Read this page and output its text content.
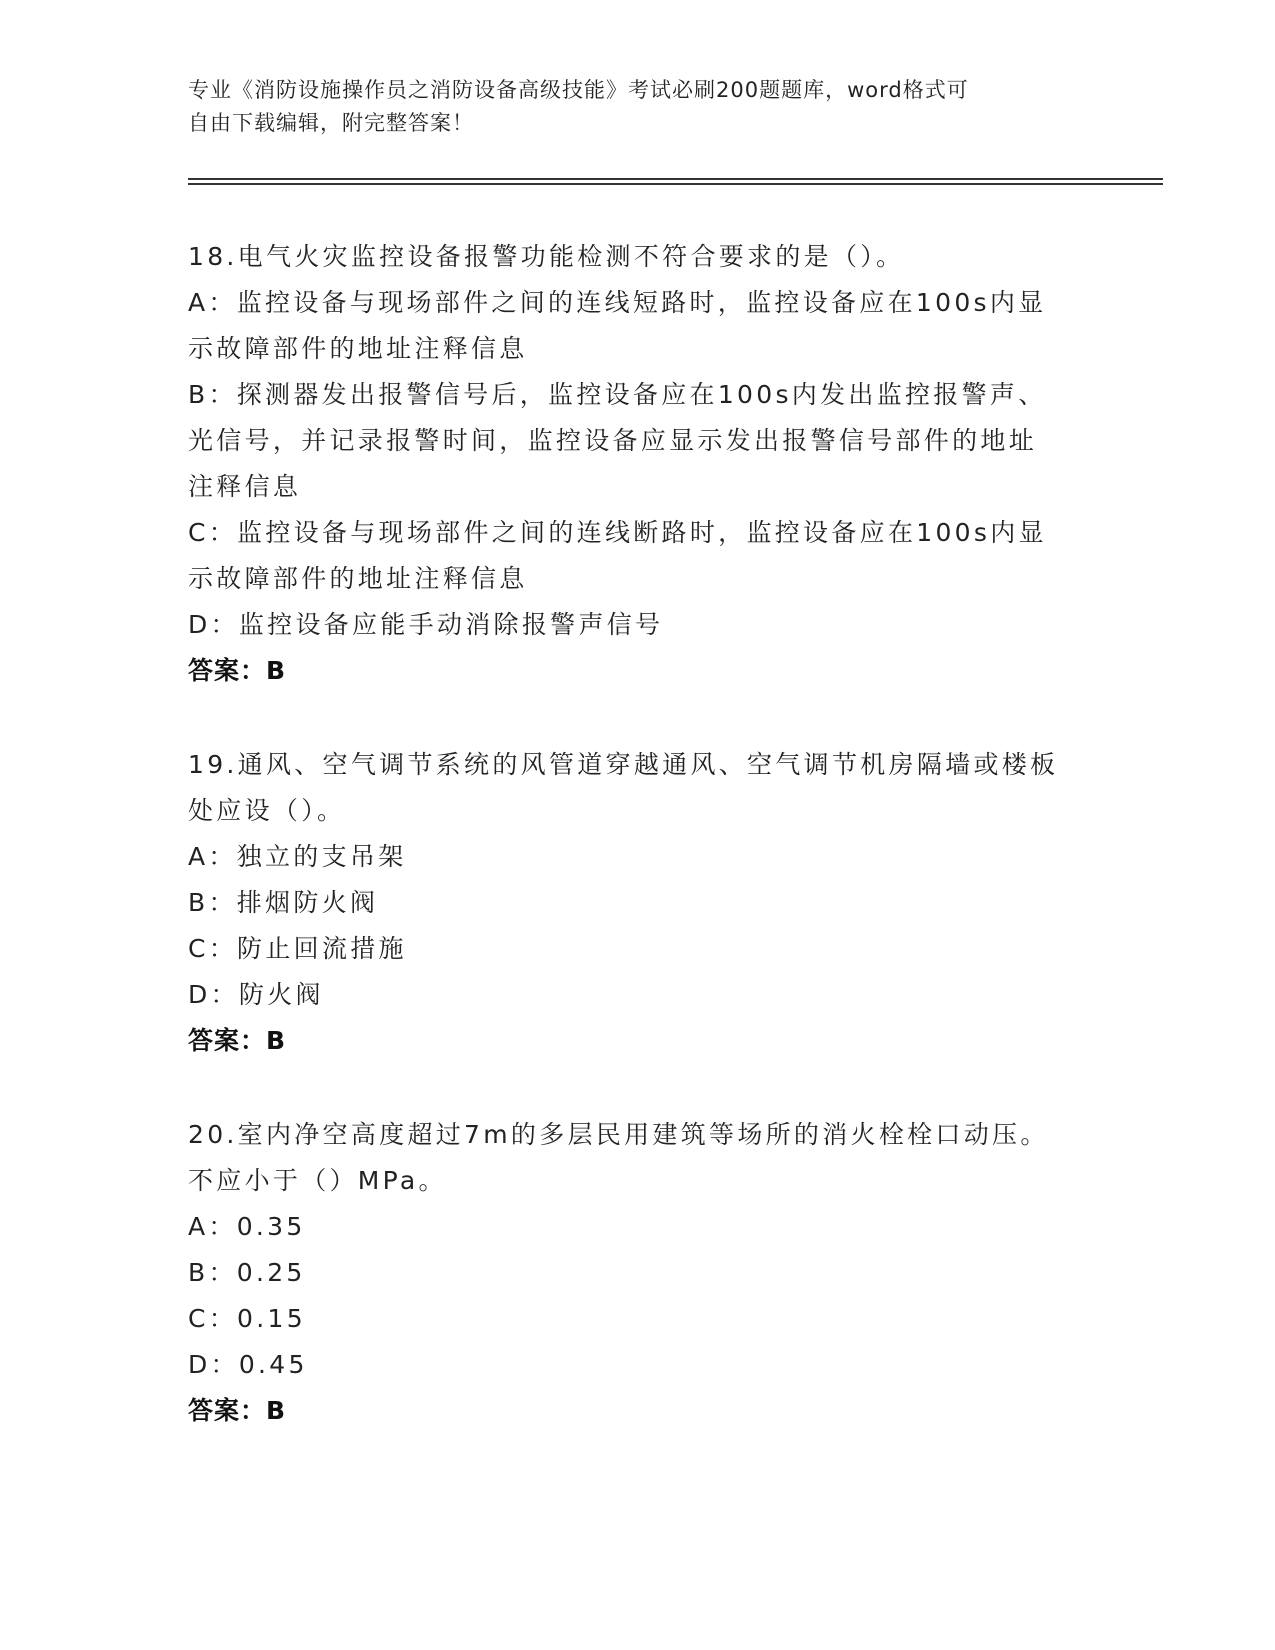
专业《消防设施操作员之消防设备高级技能》考试必刷200题题库，word格式可
自由下载编辑，附完整答案！
18.电气火灾监控设备报警功能检测不符合要求的是（）。
A：监控设备与现场部件之间的连线短路时，监控设备应在100s内显
示故障部件的地址注释信息
B：探测器发出报警信号后，监控设备应在100s内发出监控报警声、
光信号，并记录报警时间，监控设备应显示发出报警信号部件的地址
注释信息
C：监控设备与现场部件之间的连线断路时，监控设备应在100s内显
示故障部件的地址注释信息
D：监控设备应能手动消除报警声信号
答案：B
19.通风、空气调节系统的风管道穿越通风、空气调节机房隔墙或楼板
处应设（）。
A：独立的支吊架
B：排烟防火阀
C：防止回流措施
D：防火阀
答案：B
20.室内净空高度超过7m的多层民用建筑等场所的消火栓栓口动压。
不应小于（）MPa。
A：0.35
B：0.25
C：0.15
D：0.45
答案：B
